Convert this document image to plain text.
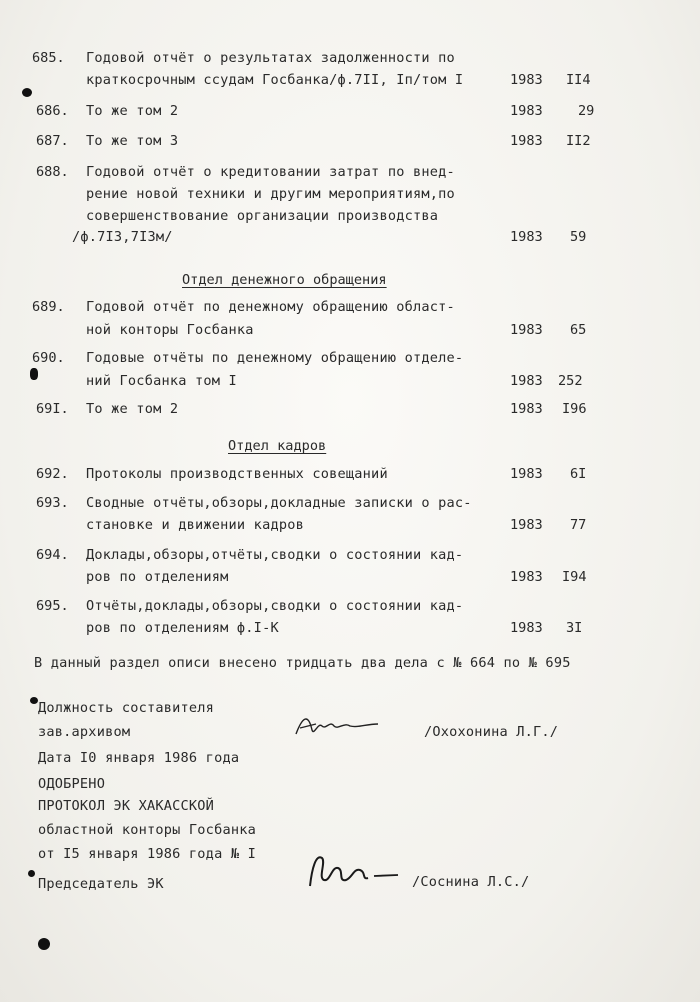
685. Годовой отчёт о результатах задолженности по
краткосрочным ссудам Госбанка/ф.7II, Iп/том I	1983 II4
686. То же том 2	1983	29
687. То же том 3	1983 II2
688. Годовой отчёт о кредитовании затрат по внед-
рение новой техники и другим мероприятиям,по
совершенствование организации производства
/ф.7I3,7I3м/	1983 59
Отдел денежного обращения
689. Годовой отчёт по денежному обращению област-
ной конторы Госбанка	1983 65
690. Годовые отчёты по денежному обращению отделе-
ний Госбанка том I	1983 252
69I. То же том 2	1983 I96
Отдел кадров
692. Протоколы производственных совещаний	1983 6I
693. Сводные отчёты,обзоры,докладные записки о рас-
становке и движении кадров	1983 77
694. Доклады,обзоры,отчёты,сводки о состоянии кад-
ров по отделениям	1983 I94
695. Отчёты,доклады,обзоры,сводки о состоянии кад-
ров по отделениям ф.I-К	1983 3I
В данный раздел описи внесено тридцать два дела с № 664 по № 695
Должность составителя
зав.архивом	/Охохонина Л.Г./
Дата I0 января 1986 года
ОДОБРЕНО
ПРОТОКОЛ ЭК ХАКАССКОЙ
областной конторы Госбанка
от I5 января 1986 года № I
Председатель ЭК	/Соснина Л.С./
